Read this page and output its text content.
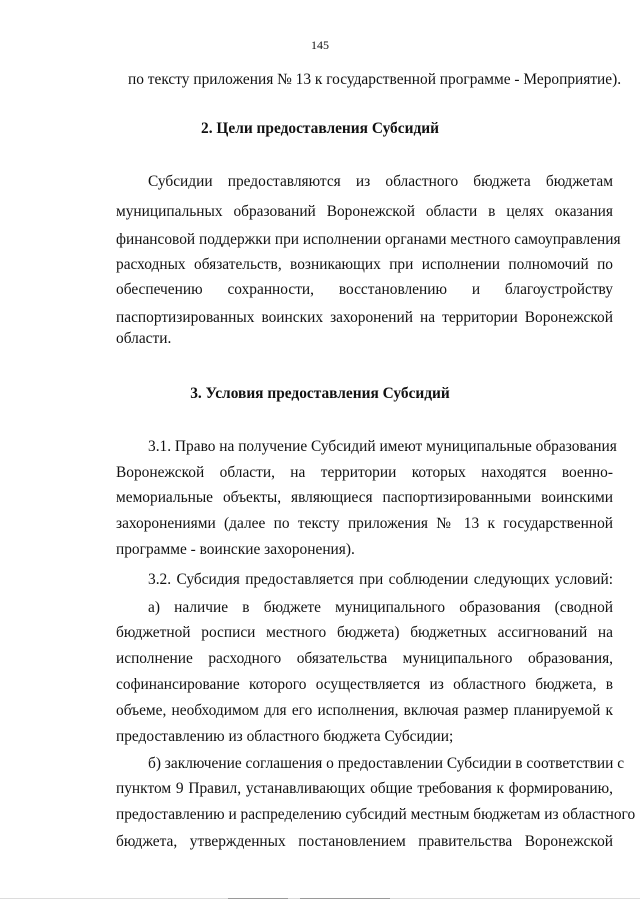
145
по тексту приложения № 13 к государственной программе - Мероприятие).
2. Цели предоставления Субсидий
Субсидии предоставляются из областного бюджета бюджетам
муниципальных образований Воронежской области в целях оказания
финансовой поддержки при исполнении органами местного самоуправления
расходных обязательств, возникающих при исполнении полномочий по
обеспечению сохранности, восстановлению и благоустройству
паспортизированных воинских захоронений на территории Воронежской
области.
3. Условия предоставления Субсидий
3.1. Право на получение Субсидий имеют муниципальные образования
Воронежской области, на территории которых находятся военно-
мемориальные объекты, являющиеся паспортизированными воинскими
захоронениями (далее по тексту приложения № 13 к государственной
программе - воинские захоронения).
3.2. Субсидия предоставляется при соблюдении следующих условий:
а) наличие в бюджете муниципального образования (сводной
бюджетной росписи местного бюджета) бюджетных ассигнований на
исполнение расходного обязательства муниципального образования,
софинансирование которого осуществляется из областного бюджета, в
объеме, необходимом для его исполнения, включая размер планируемой к
предоставлению из областного бюджета Субсидии;
б) заключение соглашения о предоставлении Субсидии в соответствии с
пунктом 9 Правил, устанавливающих общие требования к формированию,
предоставлению и распределению субсидий местным бюджетам из областного
бюджета, утвержденных постановлением правительства Воронежской
